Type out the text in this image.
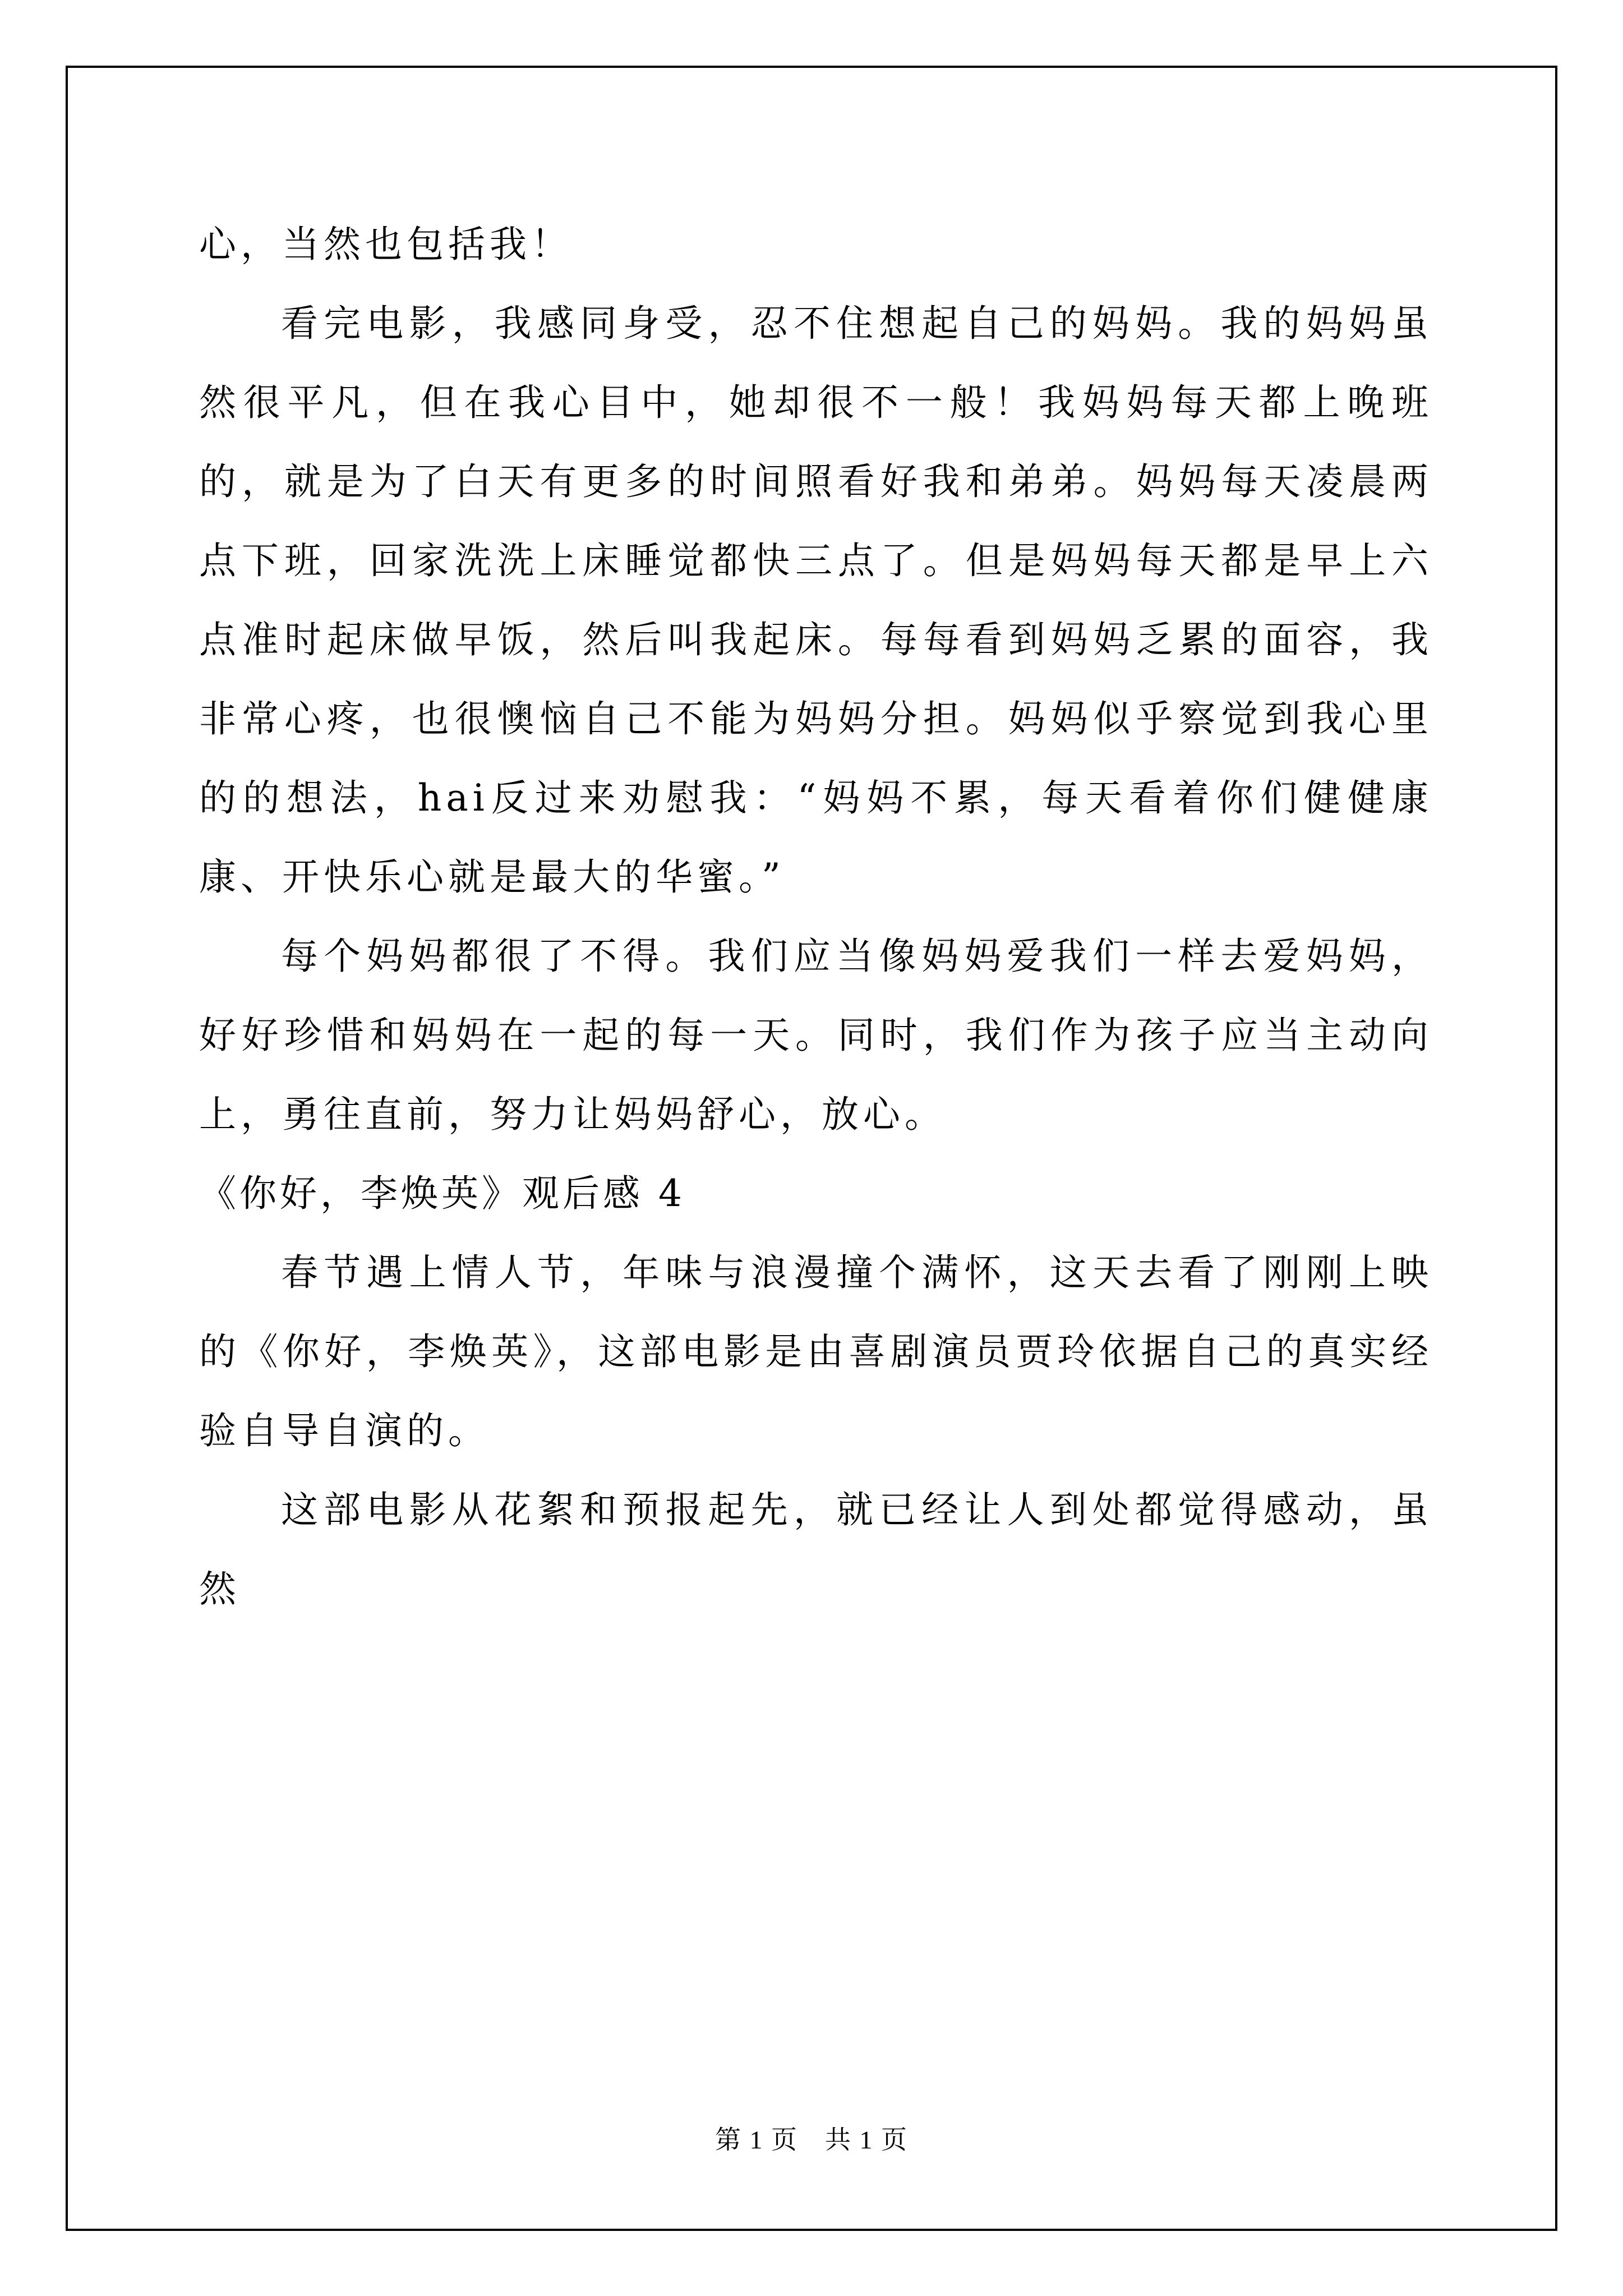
心，当然也包括我！

看完电影，我感同身受，忍不住想起自己的妈妈。我的妈妈虽然很平凡，但在我心目中，她却很不一般！我妈妈每天都上晚班的，就是为了白天有更多的时间照看好我和弟弟。妈妈每天凌晨两点下班，回家洗洗上床睡觉都快三点了。但是妈妈每天都是早上六点准时起床做早饭，然后叫我起床。每每看到妈妈乏累的面容，我非常心疼，也很懊恼自己不能为妈妈分担。妈妈似乎察觉到我心里的的想法，hai反过来劝慰我：“妈妈不累，每天看着你们健健康康、开快乐心就是最大的华蜜。”

每个妈妈都很了不得。我们应当像妈妈爱我们一样去爱妈妈，好好珍惜和妈妈在一起的每一天。同时，我们作为孩子应当主动向上，勇往直前，努力让妈妈舒心，放心。

《你好，李焕英》观后感 4

春节遇上情人节，年味与浪漫撞个满怀，这天去看了刚刚上映的《你好，李焕英》，这部电影是由喜剧演员贾玲依据自己的真实经验自导自演的。

这部电影从花絮和预报起先，就已经让人到处都觉得感动，虽然

第 1 页　共 1 页
